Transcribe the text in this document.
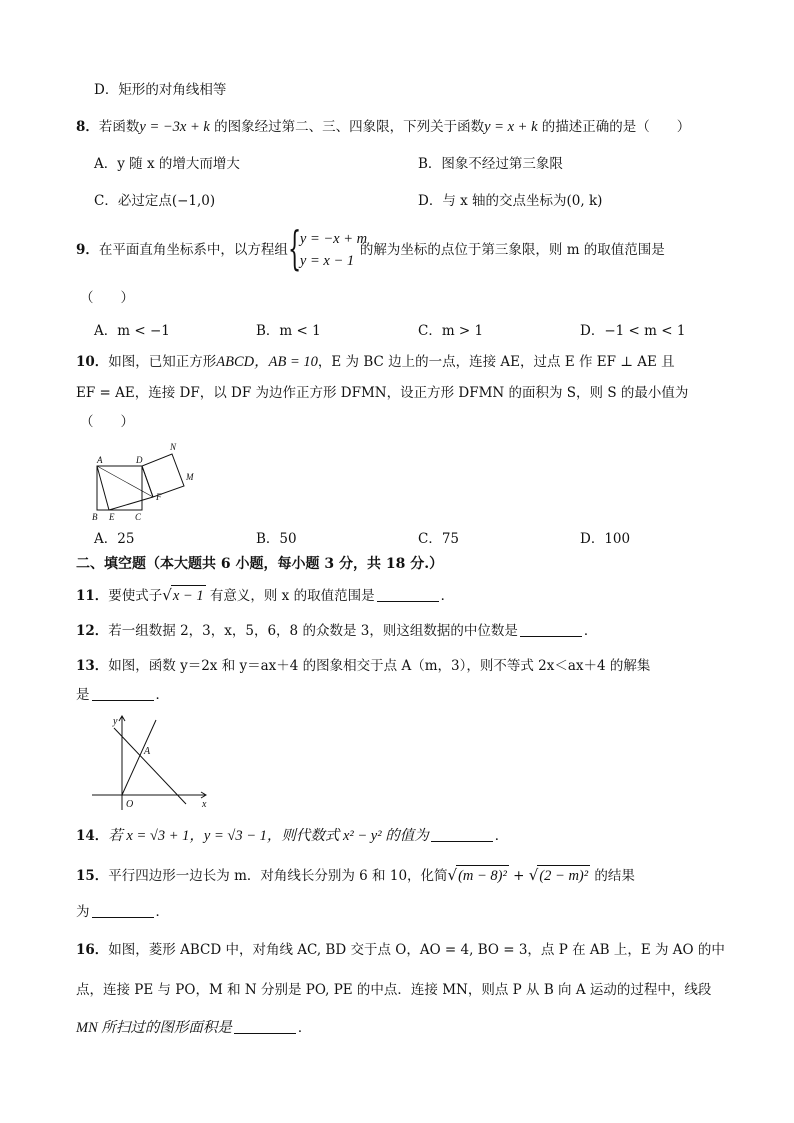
D．矩形的对角线相等
8．若函数y = −3x + k 的图象经过第二、三、四象限，下列关于函数y = x + k 的描述正确的是（　　）
A．y 随 x 的增大而增大	B．图象不经过第三象限
C．必过定点(−1,0)	D．与 x 轴的交点坐标为(0, k)
9．在平面直角坐标系中，以方程组 {
y = −x + m
y = x − 1
的解为坐标的点位于第三象限，则 m 的取值范围是
（　　）
A．m < −1	B．m < 1	C．m > 1	D．−1 < m < 1
10．如图，已知正方形ABCD，AB = 10，E 为 BC 边上的一点，连接 AE，过点 E 作 EF ⊥ AE 且
EF = AE，连接 DF，以 DF 为边作正方形 DFMN，设正方形 DFMN 的面积为 S，则 S 的最小值为
（　　）
A	D
N
M
F
B E C
A．25	B．50	C．75	D．100
二、填空题（本大题共 6 小题，每小题 3 分，共 18 分.）
11．要使式子√x − 1 有意义，则 x 的取值范围是	．
12．若一组数据 2，3，x，5，6，8 的众数是 3，则这组数据的中位数是	．
13．如图，函数 y＝2x 和 y＝ax＋4 的图象相交于点 A（m，3），则不等式 2x＜ax＋4 的解集
是	．
y
A
O	x
14．若 x = √3 + 1，y = √3 − 1，则代数式 x² − y² 的值为	．
15．平行四边形一边长为 m．对角线长分别为 6 和 10，化简√(m − 8)² + √(2 − m)² 的结果
为	．
16．如图，菱形 ABCD 中，对角线 AC, BD 交于点 O，AO = 4, BO = 3，点 P 在 AB 上，E 为 AO 的中
点，连接 PE 与 PO，M 和 N 分别是 PO, PE 的中点．连接 MN，则点 P 从 B 向 A 运动的过程中，线段
MN 所扫过的图形面积是	．
